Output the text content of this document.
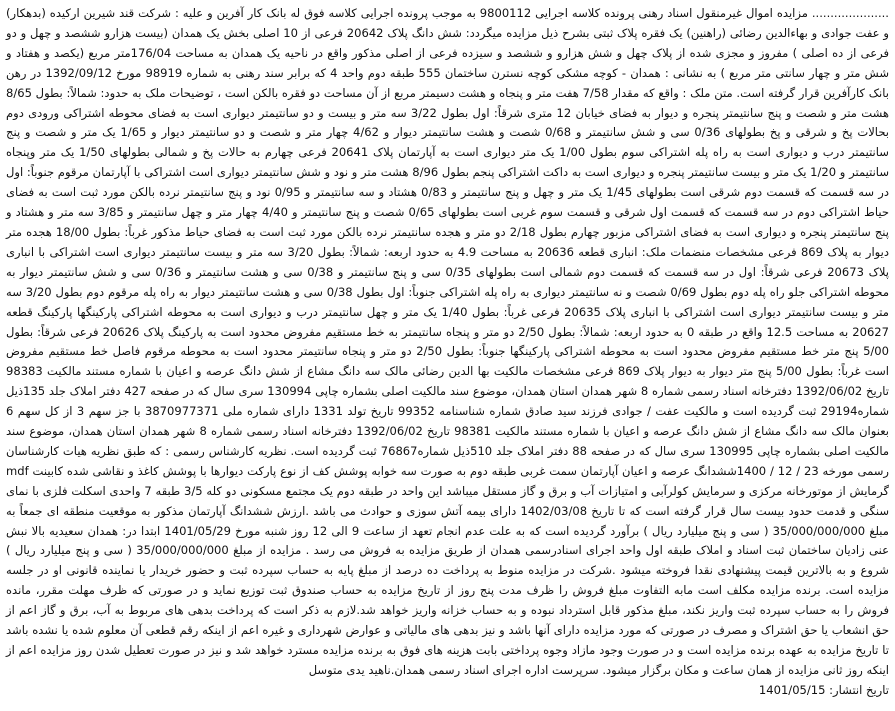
..................... مزایده اموال غیرمنقول اسناد رهنی پرونده کلاسه اجرایی 9800112 به موجب پرونده اجرایی کلاسه فوق له بانک کار آفرین و علیه : شرکت قند شیرین ارکیده (بدهکار) و عفت جوادی و بهاءالدین رضائی (راهنین) یک فقره پلاک ثبتی بشرح ذیل مزایده میگردد: شش دانگ پلاک 20642 فرعی از 10 اصلی بخش یک همدان (بیست هزارو ششصد و چهل و دو فرعی از ده اصلی ) مفروز و مجزی شده از پلاک چهل و شش هزارو و ششصد و سیزده فرعی از اصلی مذکور واقع در ناحیه یک همدان به مساحت 176/04متر مربع (یکصد و هفتاد و شش متر و چهار سانتی متر مربع ) به نشانی : همدان - کوچه مشکی کوچه نسترن ساختمان 555 طبقه دوم واحد 4 که برابر سند رهنی به شماره 98919 مورخ 1392/09/12 در رهن بانک کارآفرین قرار گرفته است. متن ملک : واقع که مقدار 7/58 هفت متر و پنجاه و هشت دسیمتر مربع از آن مساحت دو فقره بالکن است ، توضیحات ملک به حدود: شمالاً: بطول 8/65 هشت متر و شصت و پنج سانتیمتر پنجره و دیوار به فضای خیابان 12 متری شرقاً: اول بطول 3/22 سه متر و بیست و دو سانتیمتر دیواری است به فضای محوطه اشتراکی ورودی دوم بحالات پخ و شرقی و پخ بطولهای 0/36 سی و شش سانتیمتر و 0/68 شصت و هشت سانتیمتر دیوار و 4/62 چهار متر و شصت و دو سانتیمتر دیوار و 1/65 یک متر و شصت و پنج سانتیمتر درب و دیواری است به راه پله اشتراکی سوم بطول 1/00 یک متر دیواری است به آپارتمان پلاک 20641 فرعی چهارم به حالات پخ و شمالی بطولهای 1/50 یک متر وپنجاه سانتیمتر و 1/20 یک متر و بیست سانتیمتر پنجره و دیواری است به داکت اشتراکی پنجم بطول 8/96 هشت متر و نود و شش سانتیمتر دیواری است اشتراکی با آپارتمان مرقوم جنوباً: اول در سه قسمت که قسمت دوم شرقی است بطولهای 1/45 یک متر و چهل و پنج سانتیمتر و 0/83 هشتاد و سه سانتیمتر و 0/95 نود و پنج سانتیمتر نرده بالکن مورد ثبت است به فضای حیاط اشتراکی دوم در سه قسمت که قسمت اول شرقی و قسمت سوم غربی است بطولهای 0/65 شصت و پنج سانتیمتر و 4/40 چهار متر و چهل سانتیمتر و 3/85 سه متر و هشتاد و پنج سانتیمتر پنجره و دیواری است به فضای اشتراکی مزبور چهارم بطول 2/18 دو متر و هجده سانتیمتر نرده بالکن مورد ثبت است به فضای حیاط مذکور غرباً: بطول 18/00 هجده متر دیوار به پلاک 869 فرعی مشخصات منضمات ملک: انباری قطعه 20636 به مساحت 4.9 به حدود اربعه: شمالاً: بطول 3/20 سه متر و بیست سانتیمتر دیواری است اشتراکی با انباری پلاک 20673 فرعی شرقاً: اول در سه قسمت که قسمت دوم شمالی است بطولهای 0/35 سی و پنج سانتیمتر و 0/38 سی و هشت سانتیمتر و 0/36 سی و شش سانتیمتر دیوار به محوطه اشتراکی جلو راه پله دوم بطول 0/69 شصت و نه سانتیمتر دیواری به راه پله اشتراکی جنوباً: اول بطول 0/38 سی و هشت سانتیمتر دیوار به راه پله مرقوم دوم بطول 3/20 سه متر و بیست سانتیمتر دیواری است اشتراکی با انباری پلاک 20635 فرعی غرباً: بطول 1/40 یک متر و چهل سانتیمتر درب و دیواری است به محوطه اشتراکی پارکینگها پارکینگ قطعه 20627 به مساحت 12.5 واقع در طبقه 0 به حدود اربعه: شمالاً: بطول 2/50 دو متر و پنجاه سانتیمتر به خط مستقیم مفروض محدود است به پارکینگ پلاک 20626 فرعی شرقاً: بطول 5/00 پنج متر خط مستقیم مفروض محدود است به محوطه اشتراکی پارکینگها جنوباً: بطول 2/50 دو متر و پنجاه سانتیمتر محدود است به محوطه مرقوم فاصل خط مستقیم مفروض است غرباً: بطول 5/00 پنج متر دیوار به دیوار پلاک 869 فرعی مشخصات مالکیت بها الدین رضائی مالک سه دانگ مشاع از شش دانگ عرصه و اعیان با شماره مستند مالکیت 98383 تاریخ 1392/06/02 دفترخانه اسناد رسمی شماره 8 شهر همدان استان همدان، موضوع سند مالکیت اصلی بشماره چاپی 130994 سری سال که در صفحه 427 دفتر املاک جلد 135ذیل شماره29194 ثبت گردیده است و مالکیت عفت / جوادی فرزند سید صادق شماره شناسنامه 99352 تاریخ تولد 1331 دارای شماره ملی 3870977371 با جز سهم 3 از کل سهم 6 بعنوان مالک سه دانگ مشاع از شش دانگ عرصه و اعیان با شماره مستند مالکیت 98381 تاریخ 1392/06/02 دفترخانه اسناد رسمی شماره 8 شهر همدان استان همدان، موضوع سند مالکیت اصلی بشماره چاپی 130995 سری سال که در صفحه 88 دفتر املاک جلد 510ذیل شماره76867 ثبت گردیده است. نظریه کارشناس رسمی : که طبق نظریه هیات کارشناسان رسمی مورخه 23 / 12 / 1400ششدانگ عرصه و اعیان آپارتمان سمت غربی طبقه دوم به صورت سه خوابه پوشش کف از نوع پارکت دیوارها با پوشش کاغذ و نقاشی شده کابینت mdf گرمایش از موتورخانه مرکزی و سرمایش کولرآبی و امتیازات آب و برق و گاز مستقل میباشد این واحد در طبقه دوم یک مجتمع مسکونی دو کله 3/5 طبقه 7 واحدی اسکلت فلزی با نمای سنگی و قدمت حدود بیست سال قرار گرفته است که تا تاریخ 1402/03/08 دارای بیمه آتش سوزی و حوادث می باشد .ارزش ششدانگ آپارتمان مذکور به موقعیت منطقه ای جمعاً به مبلغ 35/000/000/000 ( سی و پنج میلیارد ریال ) برآورد گردیده است که به علت عدم انجام تعهد از ساعت 9 الی 12 روز شنبه مورخ 1401/05/29 ابتدا در: همدان سعیدیه بالا نبش عنی زادیان ساختمان ثبت اسناد و املاک طبقه اول واحد اجرای اسنادرسمی همدان از طریق مزایده به فروش می رسد . مزایده از مبلغ 35/000/000/000 ( سی و پنج میلیارد ریال ) شروع و به بالاترین قیمت پیشنهادی نقدا فروخته میشود .شرکت در مزایده منوط به پرداخت ده درصد از مبلغ پایه به حساب سپرده ثبت و حضور خریدار یا نماینده قانونی او در جلسه مزایده است. برنده مزایده مکلف است مابه التفاوت مبلغ فروش را ظرف مدت پنج روز از تاریخ مزایده به حساب صندوق ثبت توزیع نماید و در صورتی که ظرف مهلت مقرر، مانده فروش را به حساب سپرده ثبت واریز نکند، مبلغ مذکور قابل استرداد نبوده و به حساب خزانه واریز خواهد شد.لازم به ذکر است که پرداخت بدهی های مربوط به آب، برق و گاز اعم از حق انشعاب یا حق اشتراک و مصرف در صورتی که مورد مزایده دارای آنها باشد و نیز بدهی های مالیاتی و عوارض شهرداری و غیره اعم از اینکه رقم قطعی آن معلوم شده یا نشده باشد تا تاریخ مزایده به عهده برنده مزایده است و در صورت وجود مازاد وجوه پرداختی بابت هزینه های فوق به برنده مزایده مسترد خواهد شد و نیز در صورت تعطیل شدن روز مزایده اعم از اینکه روز ثانی مزایده از همان ساعت و مکان برگزار میشود. سرپرست اداره اجرای اسناد رسمی همدان.ناهید یدی متوسل
تاریخ انتشار: 1401/05/15
